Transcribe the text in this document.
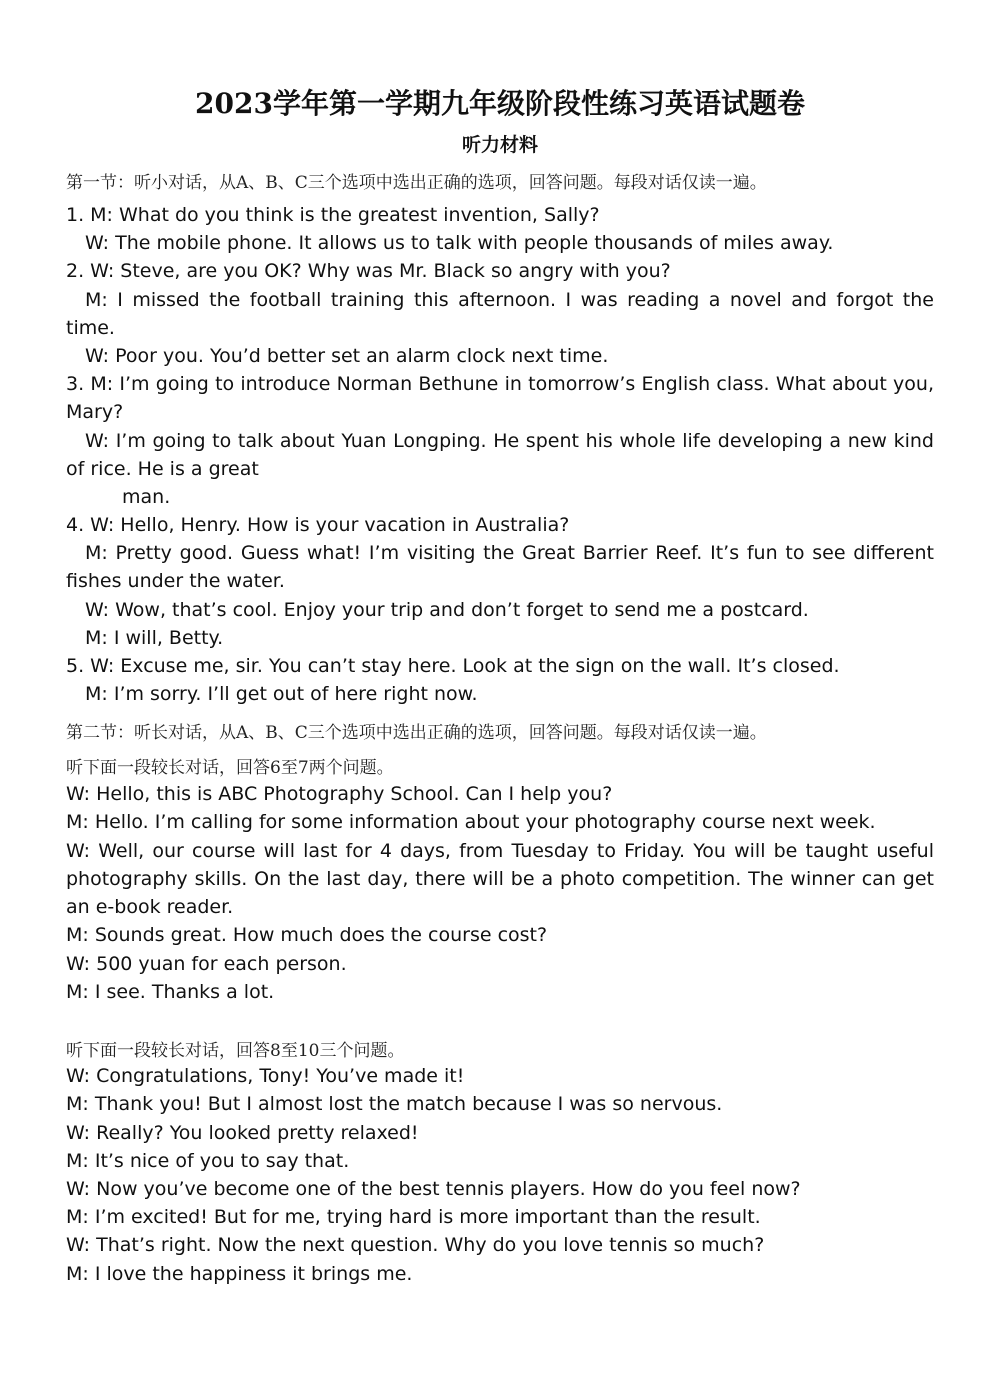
2023学年第一学期九年级阶段性练习英语试题卷
听力材料

第一节：听小对话，从A、B、C三个选项中选出正确的选项，回答问题。每段对话仅读一遍。

1. M: What do you think is the greatest invention, Sally?

W: The mobile phone. It allows us to talk with people thousands of miles away.

2. W: Steve, are you OK? Why was Mr. Black so angry with you?

M: I missed the football training this afternoon. I was reading a novel and forgot the

time.

W: Poor you. You’d better set an alarm clock next time.

3. M: I’m going to introduce Norman Bethune in tomorrow’s English class. What about you,

Mary?

W: I’m going to talk about Yuan Longping. He spent his whole life developing a new kind

of rice. He is a great

man.

4. W: Hello, Henry. How is your vacation in Australia?

M: Pretty good. Guess what! I’m visiting the Great Barrier Reef. It’s fun to see different

fishes under the water.

W: Wow, that’s cool. Enjoy your trip and don’t forget to send me a postcard.

M: I will, Betty.

5. W: Excuse me, sir. You can’t stay here. Look at the sign on the wall. It’s closed.

M: I’m sorry. I’ll get out of here right now.

第二节：听长对话，从A、B、C三个选项中选出正确的选项，回答问题。每段对话仅读一遍。

听下面一段较长对话，回答6至7两个问题。

W: Hello, this is ABC Photography School. Can I help you?

M: Hello. I’m calling for some information about your photography course next week.

W: Well, our course will last for 4 days, from Tuesday to Friday. You will be taught useful

photography skills. On the last day, there will be a photo competition. The winner can get

an e-book reader.

M: Sounds great. How much does the course cost?

W: 500 yuan for each person.

M: I see. Thanks a lot.

听下面一段较长对话，回答8至10三个问题。

W: Congratulations, Tony! You’ve made it!

M: Thank you! But I almost lost the match because I was so nervous.

W: Really? You looked pretty relaxed!

M: It’s nice of you to say that.

W: Now you’ve become one of the best tennis players. How do you feel now?

M: I’m excited! But for me, trying hard is more important than the result.

W: That’s right. Now the next question. Why do you love tennis so much?

M: I love the happiness it brings me.
